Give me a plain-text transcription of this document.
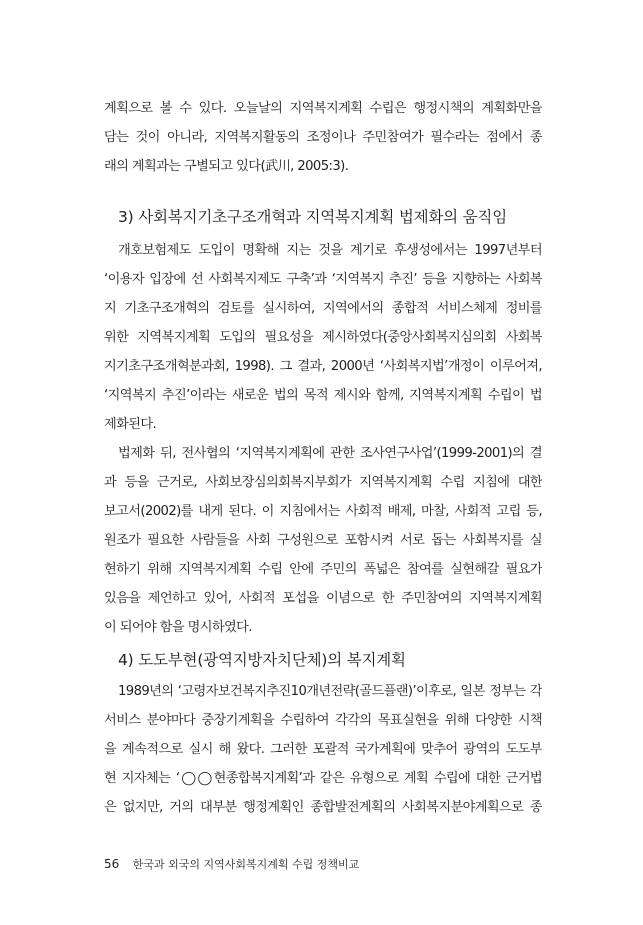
계획으로 볼 수 있다. 오늘날의 지역복지계획 수립은 행정시책의 계획화만을
담는 것이 아니라, 지역복지활동의 조정이나 주민참여가 필수라는 점에서 종
래의 계획과는 구별되고 있다(武川, 2005:3).
3) 사회복지기초구조개혁과 지역복지계획 법제화의 움직임
개호보험제도 도입이 명확해 지는 것을 계기로 후생성에서는 1997년부터
‘이용자 입장에 선 사회복지제도 구축’과 ‘지역복지 추진’ 등을 지향하는 사회복
지 기초구조개혁의 검토를 실시하여, 지역에서의 종합적 서비스체제 정비를
위한 지역복지계획 도입의 필요성을 제시하였다(중앙사회복지심의회 사회복
지기초구조개혁분과회, 1998). 그 결과, 2000년 ‘사회복지법’개정이 이루어져,
‘지역복지 추진’이라는 새로운 법의 목적 제시와 함께, 지역복지계획 수립이 법
제화된다.
법제화 뒤, 전사협의 ‘지역복지계획에 관한 조사연구사업’(1999-2001)의 결
과 등을 근거로, 사회보장심의회복지부회가 지역복지계획 수립 지침에 대한
보고서(2002)를 내게 된다. 이 지침에서는 사회적 배제, 마찰, 사회적 고립 등,
원조가 필요한 사람들을 사회 구성원으로 포함시켜 서로 돕는 사회복지를 실
현하기 위해 지역복지계획 수립 안에 주민의 폭넓은 참여를 실현해갈 필요가
있음을 제언하고 있어, 사회적 포섭을 이념으로 한 주민참여의 지역복지계획
이 되어야 함을 명시하였다.
4) 도도부현(광역지방자치단체)의 복지계획
1989년의 ‘고령자보건복지추진10개년전략(골드플랜)’이후로, 일본 정부는 각
서비스 분야마다 중장기계획을 수립하여 각각의 목표실현을 위해 다양한 시책
을 계속적으로 실시 해 왔다. 그러한 포괄적 국가계획에 맞추어 광역의 도도부
현 지자체는 ‘◯◯현종합복지계획’과 같은 유형으로 계획 수립에 대한 근거법
은 없지만, 거의 대부분 행정계획인 종합발전계획의 사회복지분야계획으로 종
56 한국과 외국의 지역사회복지계획 수립 정책비교
